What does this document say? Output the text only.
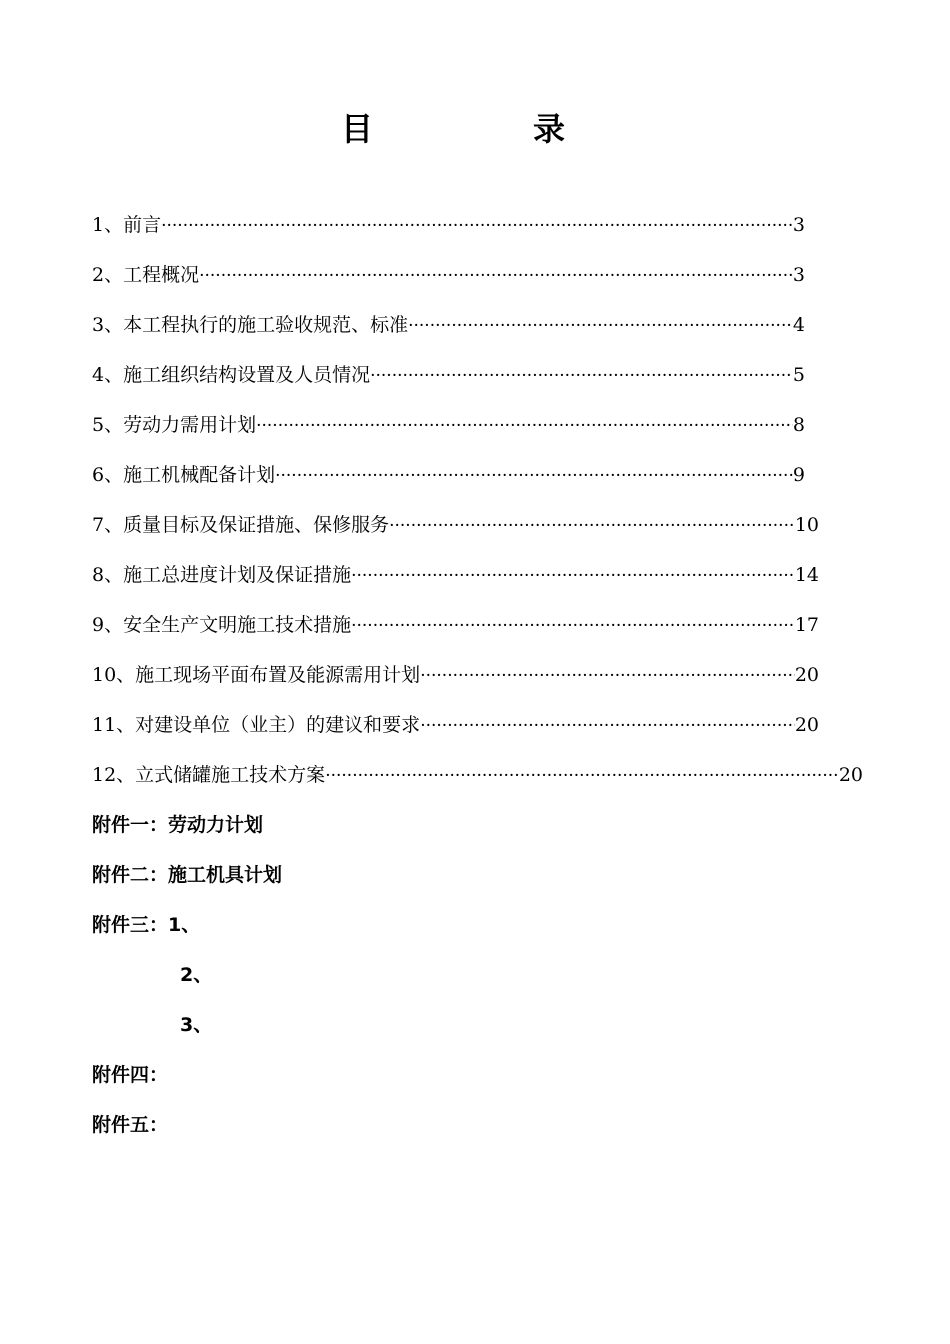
目　录
1、前言 ·····	3
2、工程概况 ·····	3
3、本工程执行的施工验收规范、标准 ·····	4
4、施工组织结构设置及人员情况 ·····	5
5、劳动力需用计划 ·····	8
6、施工机械配备计划 ·····	9
7、质量目标及保证措施、保修服务 ·····	10
8、施工总进度计划及保证措施 ·····	14
9、安全生产文明施工技术措施 ·····	17
10、施工现场平面布置及能源需用计划 ·····	20
11、对建设单位（业主）的建议和要求 ·····	20
12、立式储罐施工技术方案 ·····	20
附件一：劳动力计划
附件二：施工机具计划
附件三：1、
2、
3、
附件四：
附件五：
